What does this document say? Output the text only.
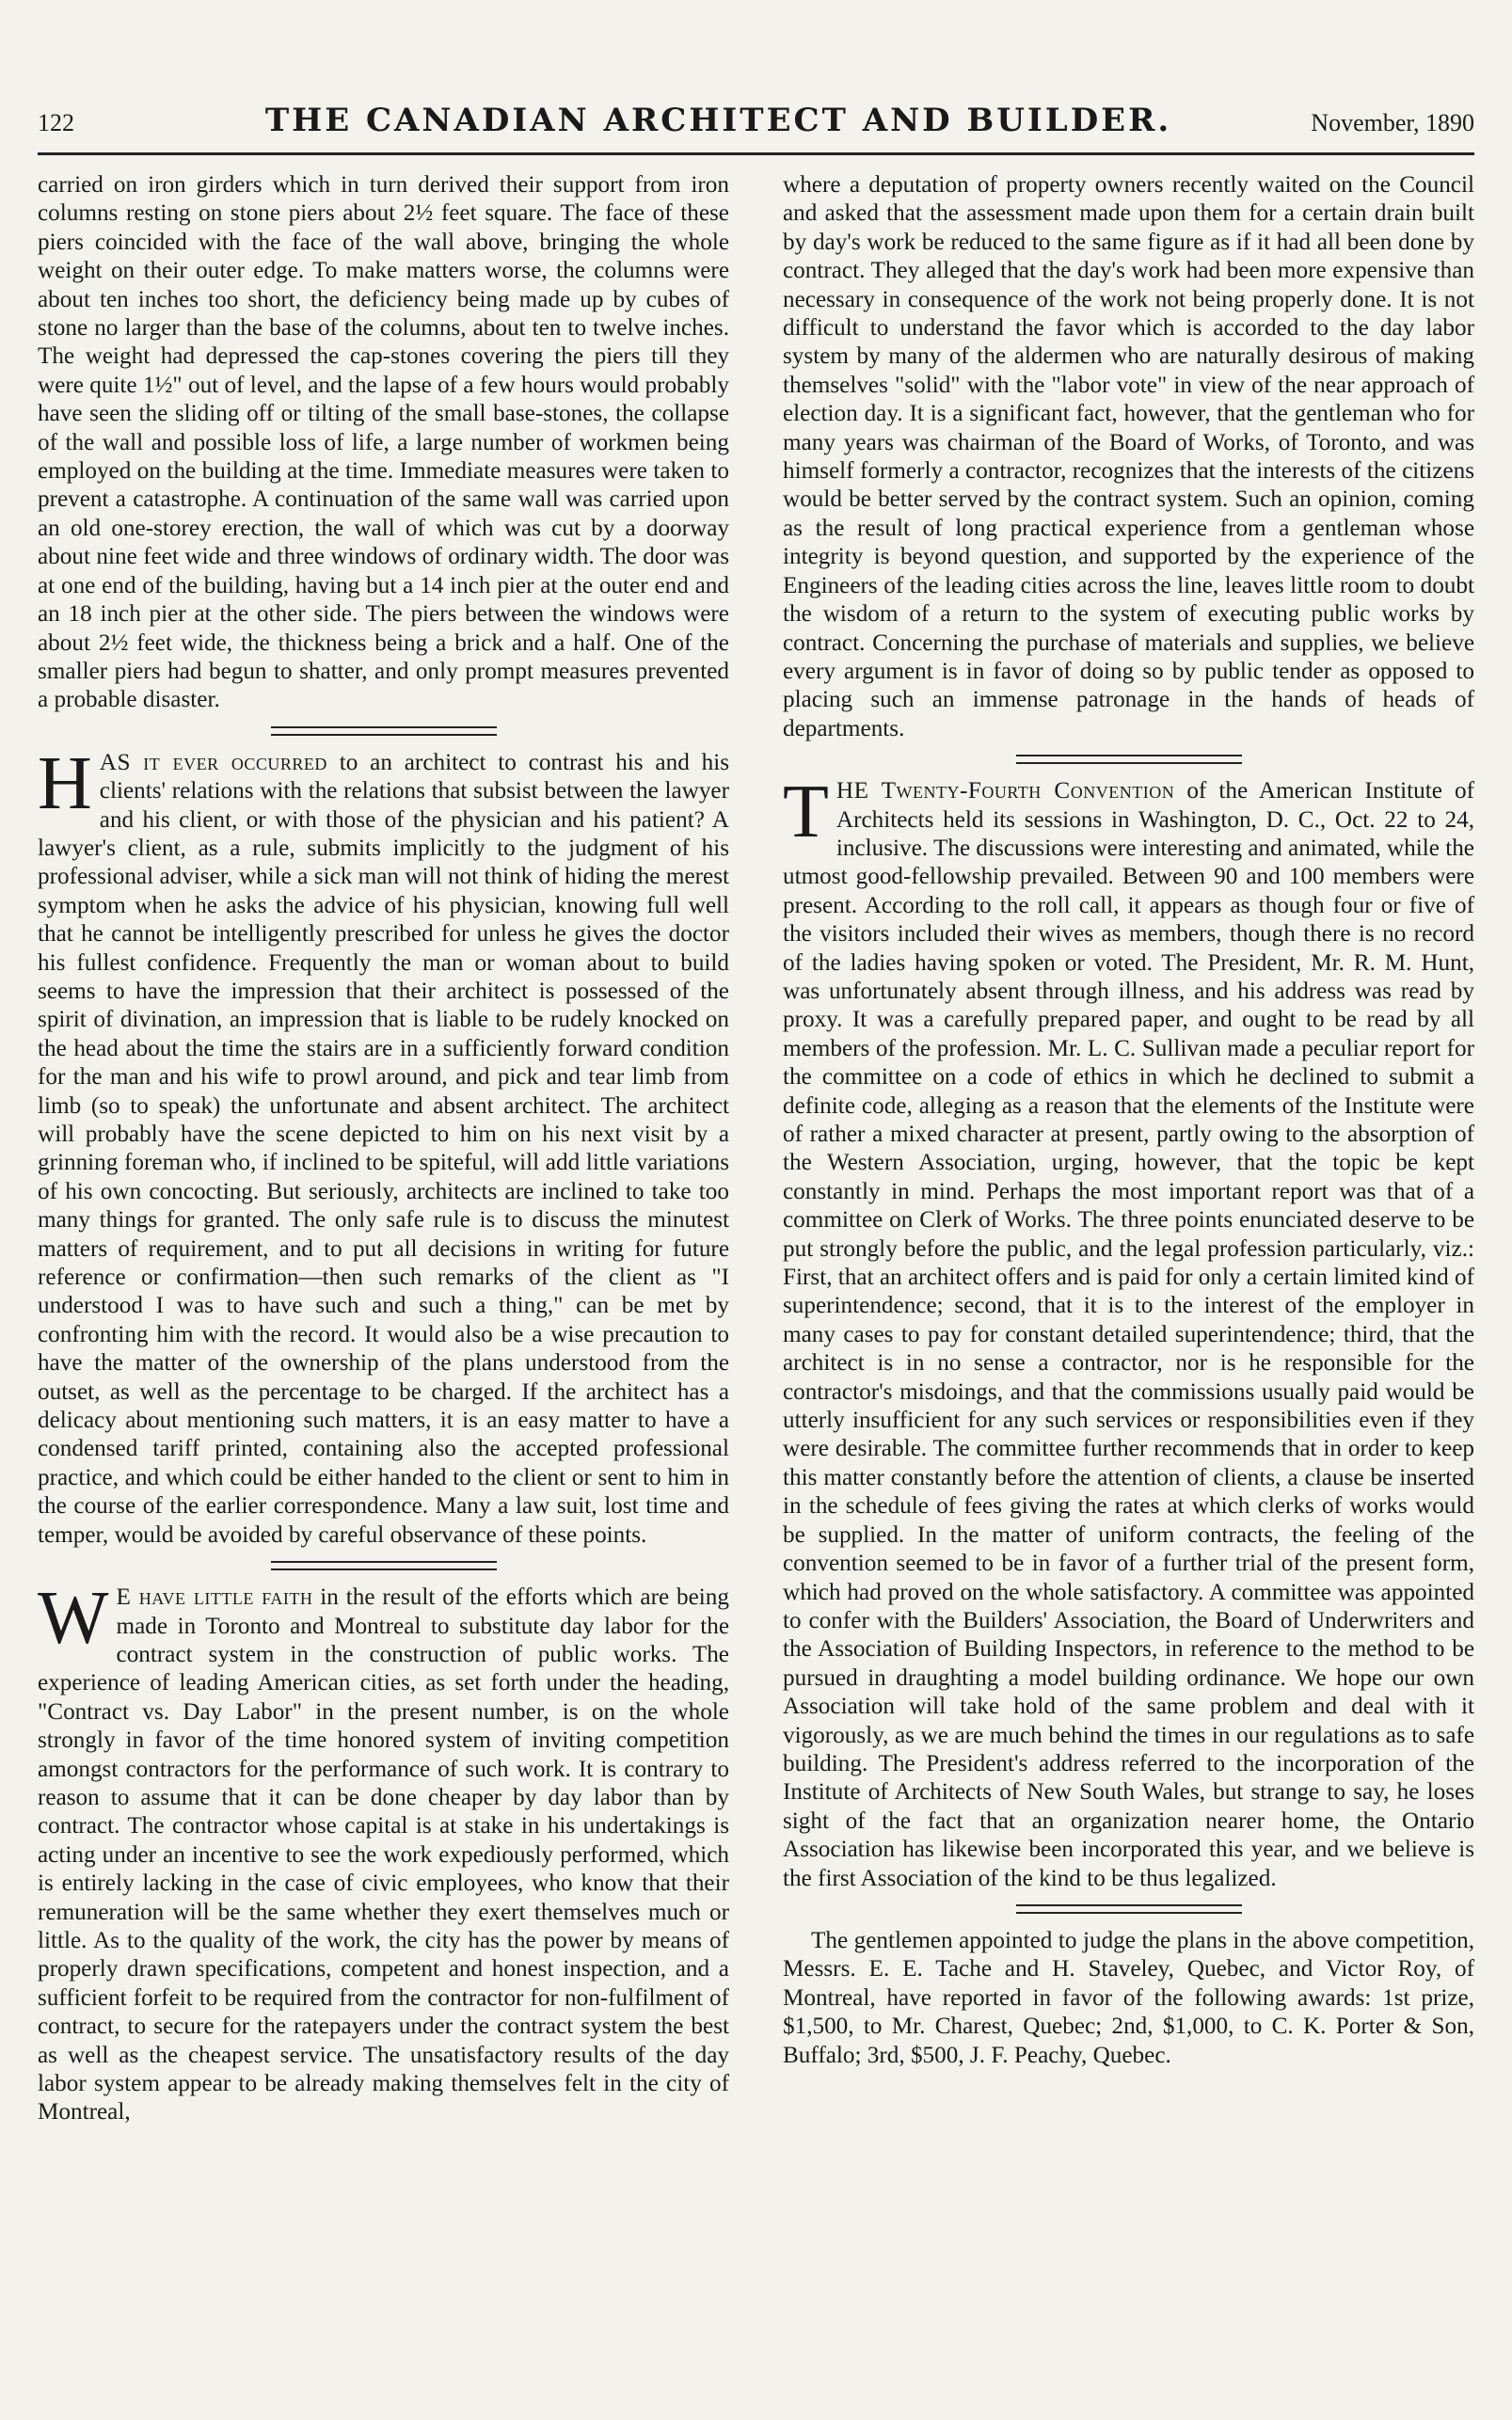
122	THE CANADIAN ARCHITECT AND BUILDER.	November, 1890

carried on iron girders which in turn derived their support from iron columns resting on stone piers about 2½ feet square. The face of these piers coincided with the face of the wall above, bringing the whole weight on their outer edge. To make matters worse, the columns were about ten inches too short, the deficiency being made up by cubes of stone no larger than the base of the columns, about ten to twelve inches. The weight had depressed the cap-stones covering the piers till they were quite 1½" out of level, and the lapse of a few hours would probably have seen the sliding off or tilting of the small base-stones, the collapse of the wall and possible loss of life, a large number of workmen being employed on the building at the time. Immediate measures were taken to prevent a catastrophe. A continuation of the same wall was carried upon an old one-storey erection, the wall of which was cut by a doorway about nine feet wide and three windows of ordinary width. The door was at one end of the building, having but a 14 inch pier at the outer end and an 18 inch pier at the other side. The piers between the windows were about 2½ feet wide, the thickness being a brick and a half. One of the smaller piers had begun to shatter, and only prompt measures prevented a probable disaster.

HAS it ever occurred to an architect to contrast his and his clients' relations with the relations that subsist between the lawyer and his client, or with those of the physician and his patient? A lawyer's client, as a rule, submits implicitly to the judgment of his professional adviser, while a sick man will not think of hiding the merest symptom when he asks the advice of his physician, knowing full well that he cannot be intelligently prescribed for unless he gives the doctor his fullest confidence. Frequently the man or woman about to build seems to have the impression that their architect is possessed of the spirit of divination, an impression that is liable to be rudely knocked on the head about the time the stairs are in a sufficiently forward condition for the man and his wife to prowl around, and pick and tear limb from limb (so to speak) the unfortunate and absent architect. The architect will probably have the scene depicted to him on his next visit by a grinning foreman who, if inclined to be spiteful, will add little variations of his own concocting. But seriously, architects are inclined to take too many things for granted. The only safe rule is to discuss the minutest matters of requirement, and to put all decisions in writing for future reference or confirmation—then such remarks of the client as "I understood I was to have such and such a thing," can be met by confronting him with the record. It would also be a wise precaution to have the matter of the ownership of the plans understood from the outset, as well as the percentage to be charged. If the architect has a delicacy about mentioning such matters, it is an easy matter to have a condensed tariff printed, containing also the accepted professional practice, and which could be either handed to the client or sent to him in the course of the earlier correspondence. Many a law suit, lost time and temper, would be avoided by careful observance of these points.

W E have little faith in the result of the efforts which are being made in Toronto and Montreal to substitute day labor for the contract system in the construction of public works. The experience of leading American cities, as set forth under the heading, "Contract vs. Day Labor" in the present number, is on the whole strongly in favor of the time honored system of inviting competition amongst contractors for the performance of such work. It is contrary to reason to assume that it can be done cheaper by day labor than by contract. The contractor whose capital is at stake in his undertakings is acting under an incentive to see the work expediously performed, which is entirely lacking in the case of civic employees, who know that their remuneration will be the same whether they exert themselves much or little. As to the quality of the work, the city has the power by means of properly drawn specifications, competent and honest inspection, and a sufficient forfeit to be required from the contractor for non-fulfilment of contract, to secure for the ratepayers under the contract system the best as well as the cheapest service. The unsatisfactory results of the day labor system appear to be already making themselves felt in the city of Montreal,

where a deputation of property owners recently waited on the Council and asked that the assessment made upon them for a certain drain built by day's work be reduced to the same figure as if it had all been done by contract. They alleged that the day's work had been more expensive than necessary in consequence of the work not being properly done. It is not difficult to understand the favor which is accorded to the day labor system by many of the aldermen who are naturally desirous of making themselves "solid" with the "labor vote" in view of the near approach of election day. It is a significant fact, however, that the gentleman who for many years was chairman of the Board of Works, of Toronto, and was himself formerly a contractor, recognizes that the interests of the citizens would be better served by the contract system. Such an opinion, coming as the result of long practical experience from a gentleman whose integrity is beyond question, and supported by the experience of the Engineers of the leading cities across the line, leaves little room to doubt the wisdom of a return to the system of executing public works by contract. Concerning the purchase of materials and supplies, we believe every argument is in favor of doing so by public tender as opposed to placing such an immense patronage in the hands of heads of departments.

THE Twenty-Fourth Convention of the American Institute of Architects held its sessions in Washington, D. C., Oct. 22 to 24, inclusive. The discussions were interesting and animated, while the utmost good-fellowship prevailed. Between 90 and 100 members were present. According to the roll call, it appears as though four or five of the visitors included their wives as members, though there is no record of the ladies having spoken or voted. The President, Mr. R. M. Hunt, was unfortunately absent through illness, and his address was read by proxy. It was a carefully prepared paper, and ought to be read by all members of the profession. Mr. L. C. Sullivan made a peculiar report for the committee on a code of ethics in which he declined to submit a definite code, alleging as a reason that the elements of the Institute were of rather a mixed character at present, partly owing to the absorption of the Western Association, urging, however, that the topic be kept constantly in mind. Perhaps the most important report was that of a committee on Clerk of Works. The three points enunciated deserve to be put strongly before the public, and the legal profession particularly, viz.: First, that an architect offers and is paid for only a certain limited kind of superintendence; second, that it is to the interest of the employer in many cases to pay for constant detailed superintendence; third, that the architect is in no sense a contractor, nor is he responsible for the contractor's misdoings, and that the commissions usually paid would be utterly insufficient for any such services or responsibilities even if they were desirable. The committee further recommends that in order to keep this matter constantly before the attention of clients, a clause be inserted in the schedule of fees giving the rates at which clerks of works would be supplied. In the matter of uniform contracts, the feeling of the convention seemed to be in favor of a further trial of the present form, which had proved on the whole satisfactory. A committee was appointed to confer with the Builders' Association, the Board of Underwriters and the Association of Building Inspectors, in reference to the method to be pursued in draughting a model building ordinance. We hope our own Association will take hold of the same problem and deal with it vigorously, as we are much behind the times in our regulations as to safe building. The President's address referred to the incorporation of the Institute of Architects of New South Wales, but strange to say, he loses sight of the fact that an organization nearer home, the Ontario Association has likewise been incorporated this year, and we believe is the first Association of the kind to be thus legalized.

The gentlemen appointed to judge the plans in the above competition, Messrs. E. E. Tache and H. Staveley, Quebec, and Victor Roy, of Montreal, have reported in favor of the following awards: 1st prize, $1,500, to Mr. Charest, Quebec; 2nd, $1,000, to C. K. Porter & Son, Buffalo; 3rd, $500, J. F. Peachy, Quebec.
